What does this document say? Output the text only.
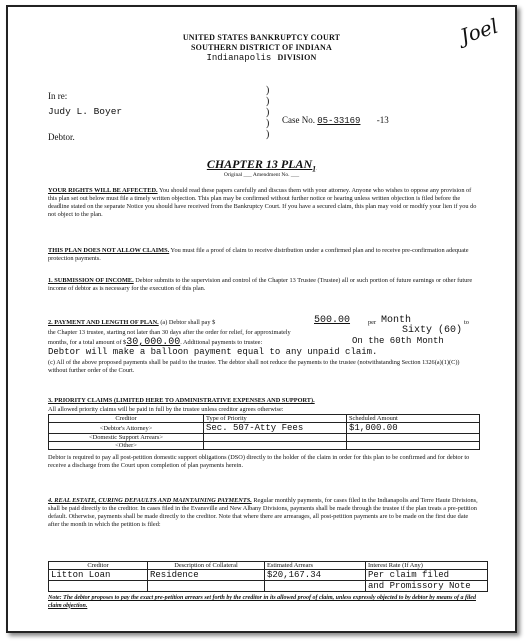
Joel
UNITED STATES BANKRUPTCY COURT
SOUTHERN DISTRICT OF INDIANA
Indianapolis DIVISION
In re:
Judy L. Boyer
Debtor.
)
)
)
)
)
Case No. 05-33169 -13
CHAPTER 13 $PLAN_1$
Original ___ Amendment No. ___
YOUR RIGHTS WILL BE AFFECTED. You should read these papers carefully and discuss them with your attorney. Anyone who wishes to oppose any provision of this plan set out below must file a timely written objection. This plan may be confirmed without further notice or hearing unless written objection is filed before the deadline stated on the separate Notice you should have received from the Bankruptcy Court. If you have a secured claim, this plan may void or modify your lien if you do not object to the plan.
THIS PLAN DOES NOT ALLOW CLAIMS. You must file a proof of claim to receive distribution under a confirmed plan and to receive pre-confirmation adequate protection payments.
1. SUBMISSION OF INCOME. Debtor submits to the supervision and control of the Chapter 13 Trustee (Trustee) all or such portion of future earnings or other future income of debtor as is necessary for the execution of this plan.
2. PAYMENT AND LENGTH OF PLAN. (a) Debtor shall pay $	500.00	per Month	to
the Chapter 13 trustee, starting not later than 30 days after the order for relief, for approximately	Sixty (60)
months, for a total amount of $30,000.00. Additional payments to trustee:	On the 60th Month
Debtor will make a balloon payment equal to any unpaid claim.
(c) All of the above proposed payments shall be paid to the trustee. The debtor shall not reduce the payments to the trustee (notwithstanding Section 1326(a)(1)(C)) without further order of the Court.
3. PRIORITY CLAIMS (LIMITED HERE TO ADMINISTRATIVE EXPENSES AND SUPPORT).
All allowed priority claims will be paid in full by the trustee unless creditor agrees otherwise:
Creditor	Type of Priority	Scheduled Amount
<Debtor's Attorney>	Sec. 507-Atty Fees	$1,000.00
<Domestic Support Arrears>		
<Other>		
Debtor is required to pay all post-petition domestic support obligations (DSO) directly to the holder of the claim in order for this plan to be confirmed and for debtor to receive a discharge from the Court upon completion of plan payments herein.
4. REAL ESTATE, CURING DEFAULTS AND MAINTAINING PAYMENTS. Regular monthly payments, for cases filed in the Indianapolis and Terre Haute Divisions, shall be paid directly to the creditor. In cases filed in the Evansville and New Albany Divisions, payments shall be made through the trustee if the plan treats a pre-petition default. Otherwise, payments shall be made directly to the creditor. Note that where there are arrearages, all post-petition payments are to be made on the first due date after the month in which the petition is filed:
Creditor	Description of Collateral	Estimated Arrears	Interest Rate (If Any)
Litton Loan	Residence	$20,167.34	Per claim filed
			and Promissory Note
Note: The debtor proposes to pay the exact pre-petition arrears set forth by the creditor in its allowed proof of claim, unless expressly objected to by debtor by means of a filed claim objection.
